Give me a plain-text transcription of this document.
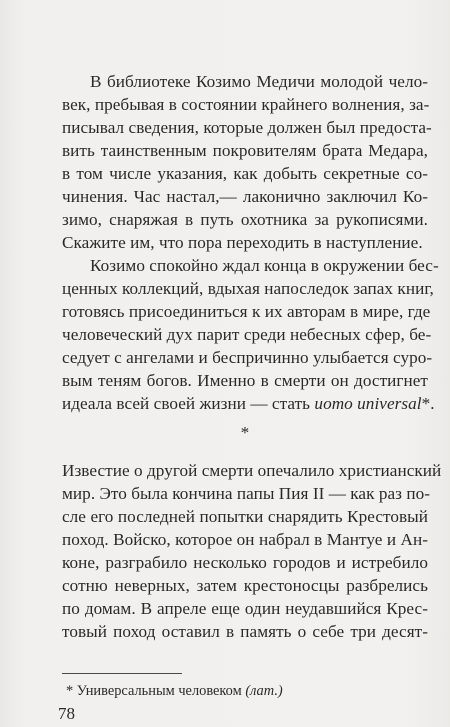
В библиотеке Козимо Медичи молодой чело-
век, пребывая в состоянии крайнего волнения, за-
писывал сведения, которые должен был предоста-
вить таинственным покровителям брата Медара,
в том числе указания, как добыть секретные со-
чинения. Час настал,— лаконично заключил Ко-
зимо, снаряжая в путь охотника за рукописями.
Скажите им, что пора переходить в наступление.
Козимо спокойно ждал конца в окружении бес-
ценных коллекций, вдыхая напоследок запах книг,
готовясь присоединиться к их авторам в мире, где
человеческий дух парит среди небесных сфер, бе-
седует с ангелами и беспричинно улыбается суро-
вым теням богов. Именно в смерти он достигнет
идеала всей своей жизни — стать uomo universal*.
*
Известие о другой смерти опечалило христианский
мир. Это была кончина папы Пия II — как раз по-
сле его последней попытки снарядить Крестовый
поход. Войско, которое он набрал в Мантуе и Ан-
коне, разграбило несколько городов и истребило
сотню неверных, затем крестоносцы разбрелись
по домам. В апреле еще один неудавшийся Крес-
товый поход оставил в память о себе три десят-
* Универсальным человеком (лат.)
78
